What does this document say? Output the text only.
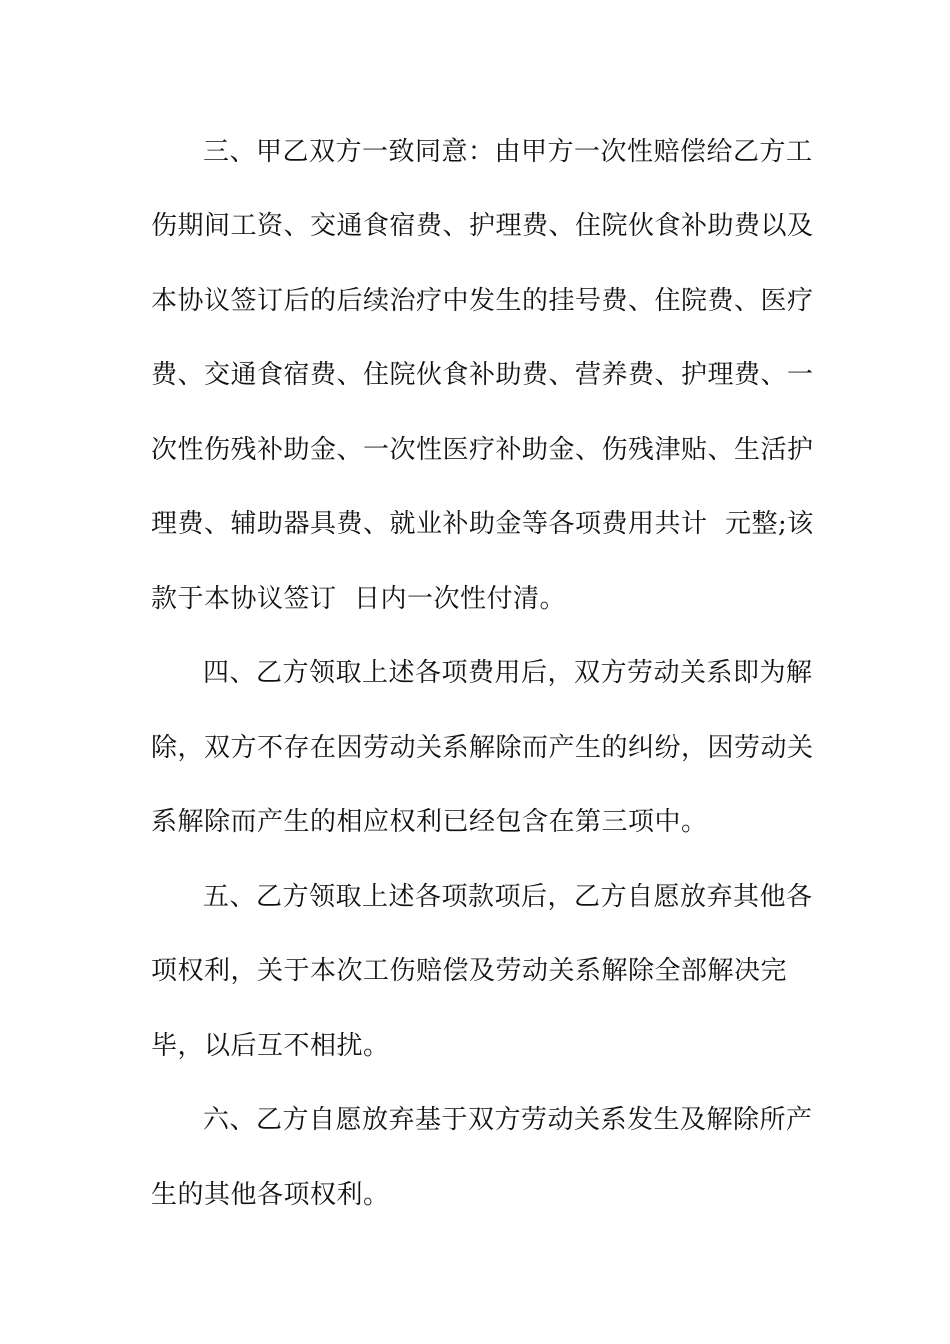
三、甲乙双方一致同意：由甲方一次性赔偿给乙方工
伤期间工资、交通食宿费、护理费、住院伙食补助费以及
本协议签订后的后续治疗中发生的挂号费、住院费、医疗
费、交通食宿费、住院伙食补助费、营养费、护理费、一
次性伤残补助金、一次性医疗补助金、伤残津贴、生活护
理费、辅助器具费、就业补助金等各项费用共计  元整;该
款于本协议签订  日内一次性付清。
四、乙方领取上述各项费用后，双方劳动关系即为解
除，双方不存在因劳动关系解除而产生的纠纷，因劳动关
系解除而产生的相应权利已经包含在第三项中。
五、乙方领取上述各项款项后，乙方自愿放弃其他各
项权利，关于本次工伤赔偿及劳动关系解除全部解决完
毕，以后互不相扰。
六、乙方自愿放弃基于双方劳动关系发生及解除所产
生的其他各项权利。
